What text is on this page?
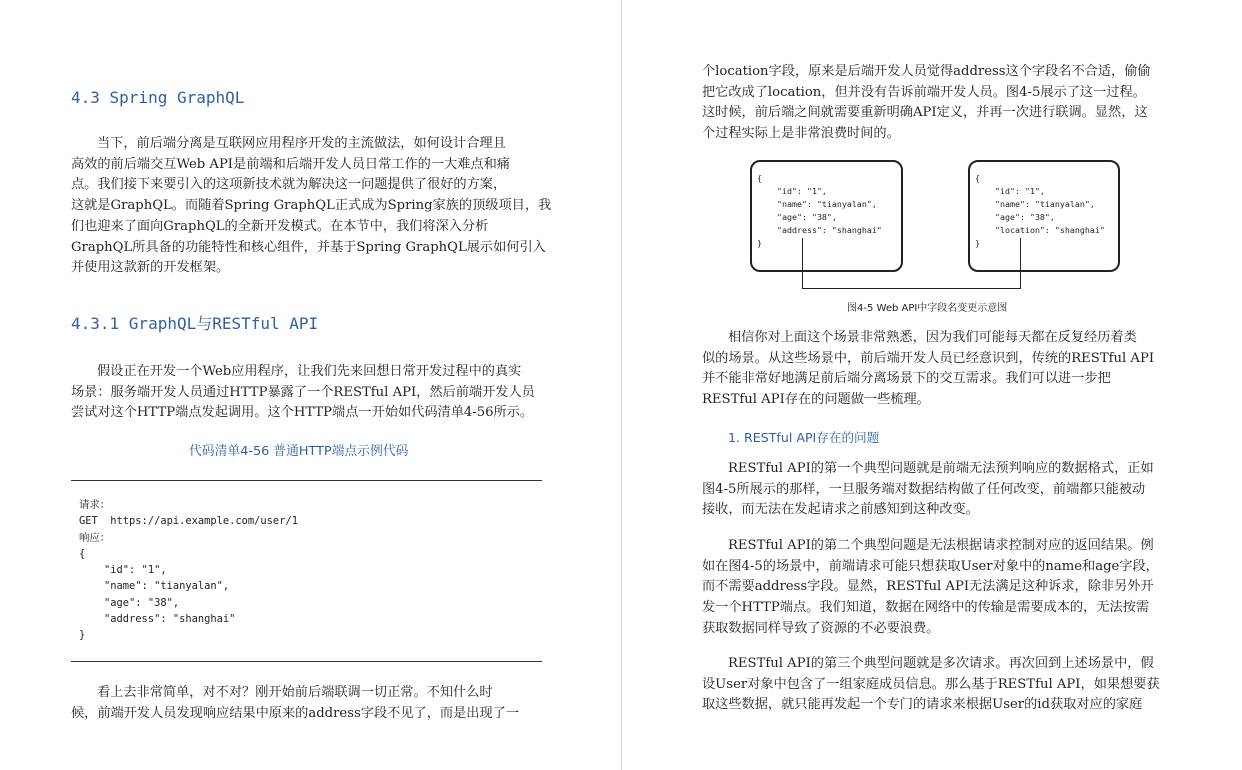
4.3 Spring GraphQL
当下，前后端分离是互联网应用程序开发的主流做法，如何设计合理且
高效的前后端交互Web API是前端和后端开发人员日常工作的一大难点和痛
点。我们接下来要引入的这项新技术就为解决这一问题提供了很好的方案，
这就是GraphQL。而随着Spring GraphQL正式成为Spring家族的顶级项目，我
们也迎来了面向GraphQL的全新开发模式。在本节中，我们将深入分析
GraphQL所具备的功能特性和核心组件，并基于Spring GraphQL展示如何引入
并使用这款新的开发框架。
4.3.1 GraphQL与RESTful API
假设正在开发一个Web应用程序，让我们先来回想日常开发过程中的真实
场景：服务端开发人员通过HTTP暴露了一个RESTful API，然后前端开发人员
尝试对这个HTTP端点发起调用。这个HTTP端点一开始如代码清单4-56所示。
代码清单4-56 普通HTTP端点示例代码
请求：
GET  https://api.example.com/user/1
响应：
{
"id": "1",
"name": "tianyalan",
"age": "38",
"address": "shanghai"
}
看上去非常简单，对不对？刚开始前后端联调一切正常。不知什么时
候，前端开发人员发现响应结果中原来的address字段不见了，而是出现了一
个location字段，原来是后端开发人员觉得address这个字段名不合适，偷偷
把它改成了location，但并没有告诉前端开发人员。图4-5展示了这一过程。
这时候，前后端之间就需要重新明确API定义，并再一次进行联调。显然，这
个过程实际上是非常浪费时间的。
{
"id": "1",
"name": "tianyalan",
"age": "38",
"address": "shanghai"
}
{
"id": "1",
"name": "tianyalan",
"age": "38",
"location": "shanghai"
}
图4-5 Web API中字段名变更示意图
相信你对上面这个场景非常熟悉，因为我们可能每天都在反复经历着类
似的场景。从这些场景中，前后端开发人员已经意识到，传统的RESTful API
并不能非常好地满足前后端分离场景下的交互需求。我们可以进一步把
RESTful API存在的问题做一些梳理。
1. RESTful API存在的问题
RESTful API的第一个典型问题就是前端无法预判响应的数据格式，正如
图4-5所展示的那样，一旦服务端对数据结构做了任何改变，前端都只能被动
接收，而无法在发起请求之前感知到这种改变。
RESTful API的第二个典型问题是无法根据请求控制对应的返回结果。例
如在图4-5的场景中，前端请求可能只想获取User对象中的name和age字段，
而不需要address字段。显然，RESTful API无法满足这种诉求，除非另外开
发一个HTTP端点。我们知道，数据在网络中的传输是需要成本的，无法按需
获取数据同样导致了资源的不必要浪费。
RESTful API的第三个典型问题就是多次请求。再次回到上述场景中，假
设User对象中包含了一组家庭成员信息。那么基于RESTful API，如果想要获
取这些数据，就只能再发起一个专门的请求来根据User的id获取对应的家庭
